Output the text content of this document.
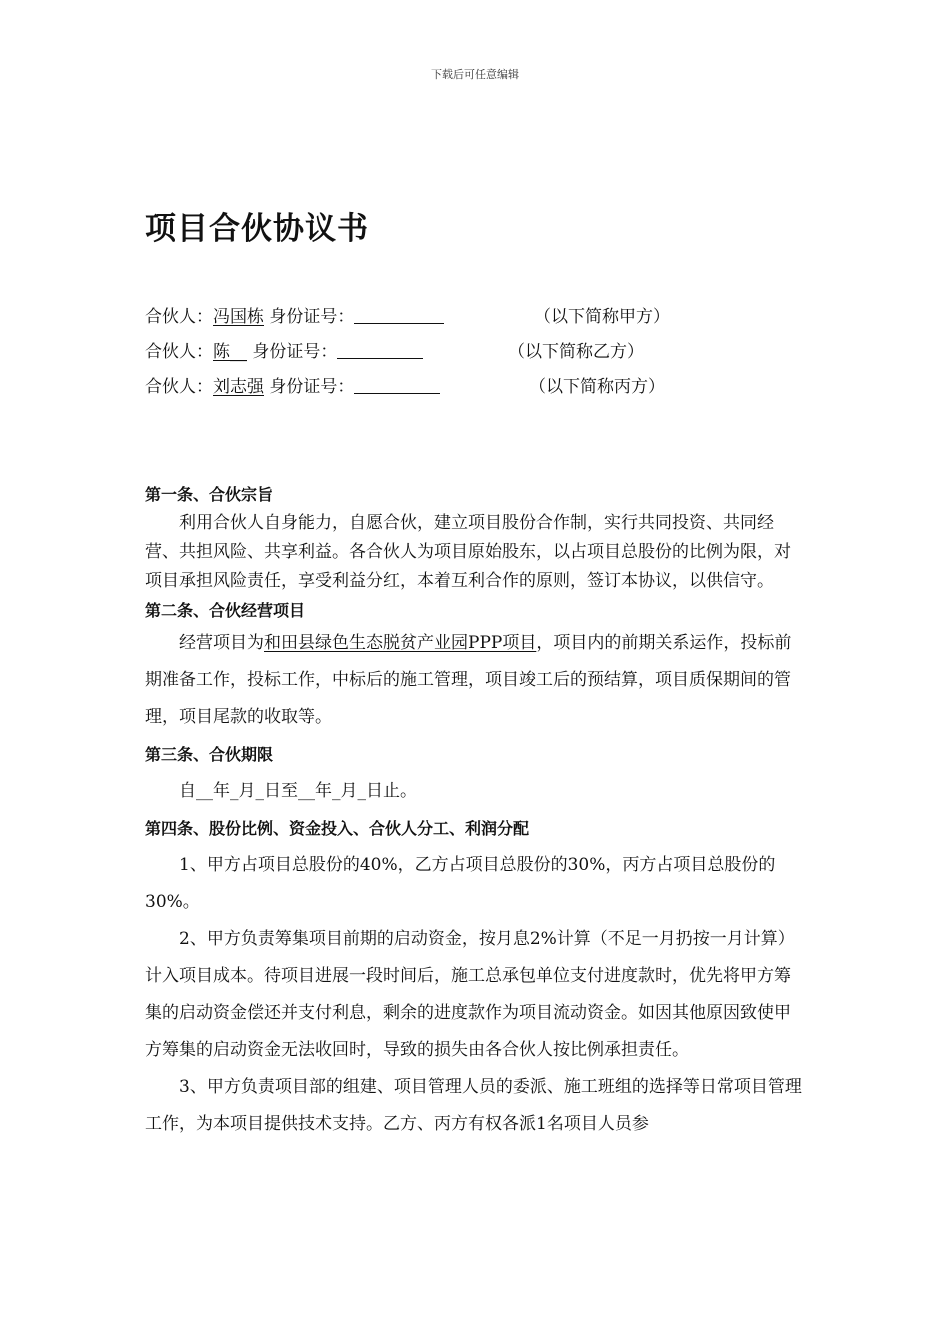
下载后可任意编辑
项目合伙协议书
合伙人：冯国栋 身份证号：	（以下简称甲方）
合伙人：陈__ 身份证号：	（以下简称乙方）
合伙人：刘志强 身份证号：	（以下简称丙方）

第一条、合伙宗旨

利用合伙人自身能力，自愿合伙，建立项目股份合作制，实行共同投资、共同经营、共担风险、共享利益。各合伙人为项目原始股东，以占项目总股份的比例为限，对项目承担风险责任，享受利益分红，本着互利合作的原则，签订本协议，以供信守。

第二条、合伙经营项目

经营项目为和田县绿色生态脱贫产业园PPP项目，项目内的前期关系运作，投标前期准备工作，投标工作，中标后的施工管理，项目竣工后的预结算，项目质保期间的管理，项目尾款的收取等。

第三条、合伙期限

自__年_月_日至__年_月_日止。

第四条、股份比例、资金投入、合伙人分工、利润分配

1、甲方占项目总股份的40%，乙方占项目总股份的30%，丙方占项目总股份的30%。

2、甲方负责筹集项目前期的启动资金，按月息2%计算（不足一月扔按一月计算）计入项目成本。待项目进展一段时间后，施工总承包单位支付进度款时，优先将甲方筹集的启动资金偿还并支付利息，剩余的进度款作为项目流动资金。如因其他原因致使甲方筹集的启动资金无法收回时，导致的损失由各合伙人按比例承担责任。

3、甲方负责项目部的组建、项目管理人员的委派、施工班组的选择等日常项目管理工作，为本项目提供技术支持。乙方、丙方有权各派1名项目人员参
